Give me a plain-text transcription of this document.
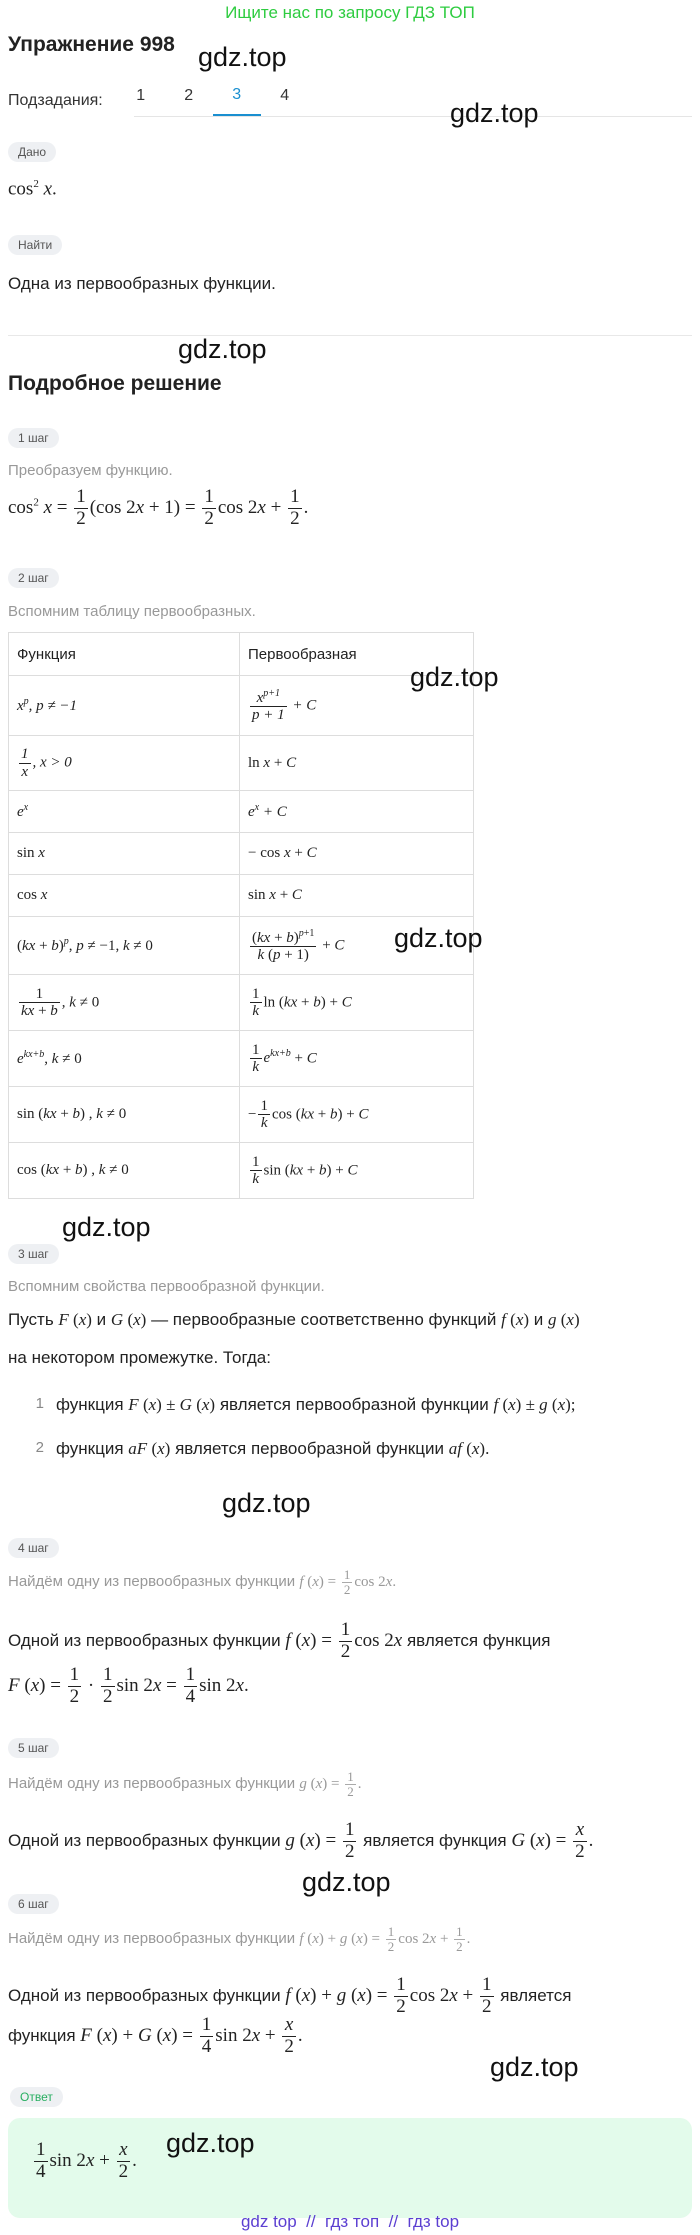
Ищите нас по запросу ГДЗ ТОП
Упражнение 998
Подзадания:	1	2	3	4
Дано
$\cos^2 x$.
Найти
Одна из первообразных функции.
Подробное решение
1 шаг
Преобразуем функцию.
$\cos^2 x = \frac{1}{2} (\cos$ $2x + 1) = \frac{1}{2}$ $\cos 2x + \frac{1}{2}$ .
2 шаг
Вспомним таблицу первообразных.
Функция	Первообразная
$x^p$, p ≠ −1	$\frac{x^{p+1}}{p + 1} + C$

$\frac{1}{x}$ , x > 0	ln x + C
$e^x$	$e^x + C$
sin x	− cos x + C
cos x	sin x + C
(kx + b)$^p$, p ≠ −1, k ≠ 0	$\frac{(kx + b)^{p+1}}{k (p + 1)} + C$

$\frac{1}{kx + b}$ , k ≠ 0	$\frac{1}{k}$ ln (kx + b) + C
$e^{kx+b}$, k ≠ 0	$\frac{1}{k} e^{kx+b} + C$
sin (kx + b) , k ≠ 0	− $\frac{1}{k}$ cos (kx + b) + C
cos (kx + b) , k ≠ 0	$\frac{1}{k}$ sin (kx + b) + C
3 шаг
Вспомним свойства первообразной функции.
Пусть F (x) и G (x) — первообразные соответственно функций f (x) и g (x)
на некотором промежутке. Тогда:
1 функция F (x) ± G (x) является первообразной функции f (x) ± g (x);
2 функция aF (x) является первообразной функции af (x).
4 шаг
Найдём одну из первообразных функции f $(x) = \frac{1}{2}$ cos 2x.
Одной из первообразных функции f $(x) = \frac{1}{2}$ cos 2x является функция
F $(x) = \frac{1}{2} \cdot \frac{1}{2}$ $\sin 2x = \frac{1}{4}$ sin 2x.
5 шаг
Найдём одну из первообразных функции g $(x) = \frac{1}{2}$ .
Одной из первообразных функции g $(x) = \frac{1}{2}$ является функция G $(x) = \frac{x}{2}$ .
6 шаг
Найдём одну из первообразных функции f (x) + g $(x) = \frac{1}{2}$ $\cos 2x + \frac{1}{2}$ .
Одной из первообразных функции f (x) + g $(x) = \frac{1}{2}$ $\cos 2x + \frac{1}{2}$ является
функция F (x) + G $(x) = \frac{1}{4}$ $\sin 2x + \frac{x}{2}$ .
Ответ
$\frac{1}{4}$ $\sin 2x + \frac{x}{2}$ .
gdz.top
gdz.top
gdz.top
gdz.top
gdz.top
gdz.top
gdz.top
gdz.top
gdz.top
gdz.top
gdz top  //  гдз топ  //  гдз top
